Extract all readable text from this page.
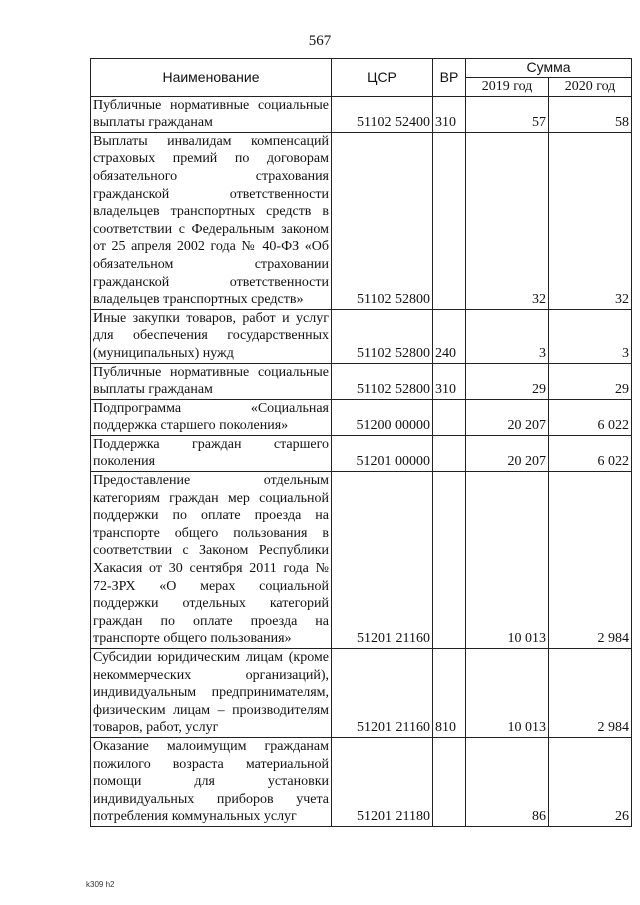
567
Наименование	ЦСР	ВР	Сумма	
			2019 год	2020 год
Публичные нормативные социальные выплаты гражданам	51102 52400	310	57	58
Выплаты инвалидам компенсаций страховых премий по договорам обязательного страхования гражданской ответственности владельцев транспортных средств в соответствии с Федеральным законом от 25 апреля 2002 года № 40-ФЗ «Об обязательном страховании гражданской ответственности владельцев транспортных средств»	51102 52800		32	32
Иные закупки товаров, работ и услуг для обеспечения государственных (муниципальных) нужд	51102 52800	240	3	3
Публичные нормативные социальные выплаты гражданам	51102 52800	310	29	29
Подпрограмма «Социальная поддержка старшего поколения»	51200 00000		20 207	6 022
Поддержка граждан старшего поколения	51201 00000		20 207	6 022
Предоставление отдельным категориям граждан мер социальной поддержки по оплате проезда на транспорте общего пользования в соответствии с Законом Республики Хакасия от 30 сентября 2011 года № 72-ЗРХ «О мерах социальной поддержки отдельных категорий граждан по оплате проезда на транспорте общего пользования»	51201 21160		10 013	2 984
Субсидии юридическим лицам (кроме некоммерческих организаций), индивидуальным предпринимателям, физическим лицам – производителям товаров, работ, услуг	51201 21160	810	10 013	2 984
Оказание малоимущим гражданам пожилого возраста материальной помощи для установки индивидуальных приборов учета потребления коммунальных услуг	51201 21180		86	26
k309 h2
